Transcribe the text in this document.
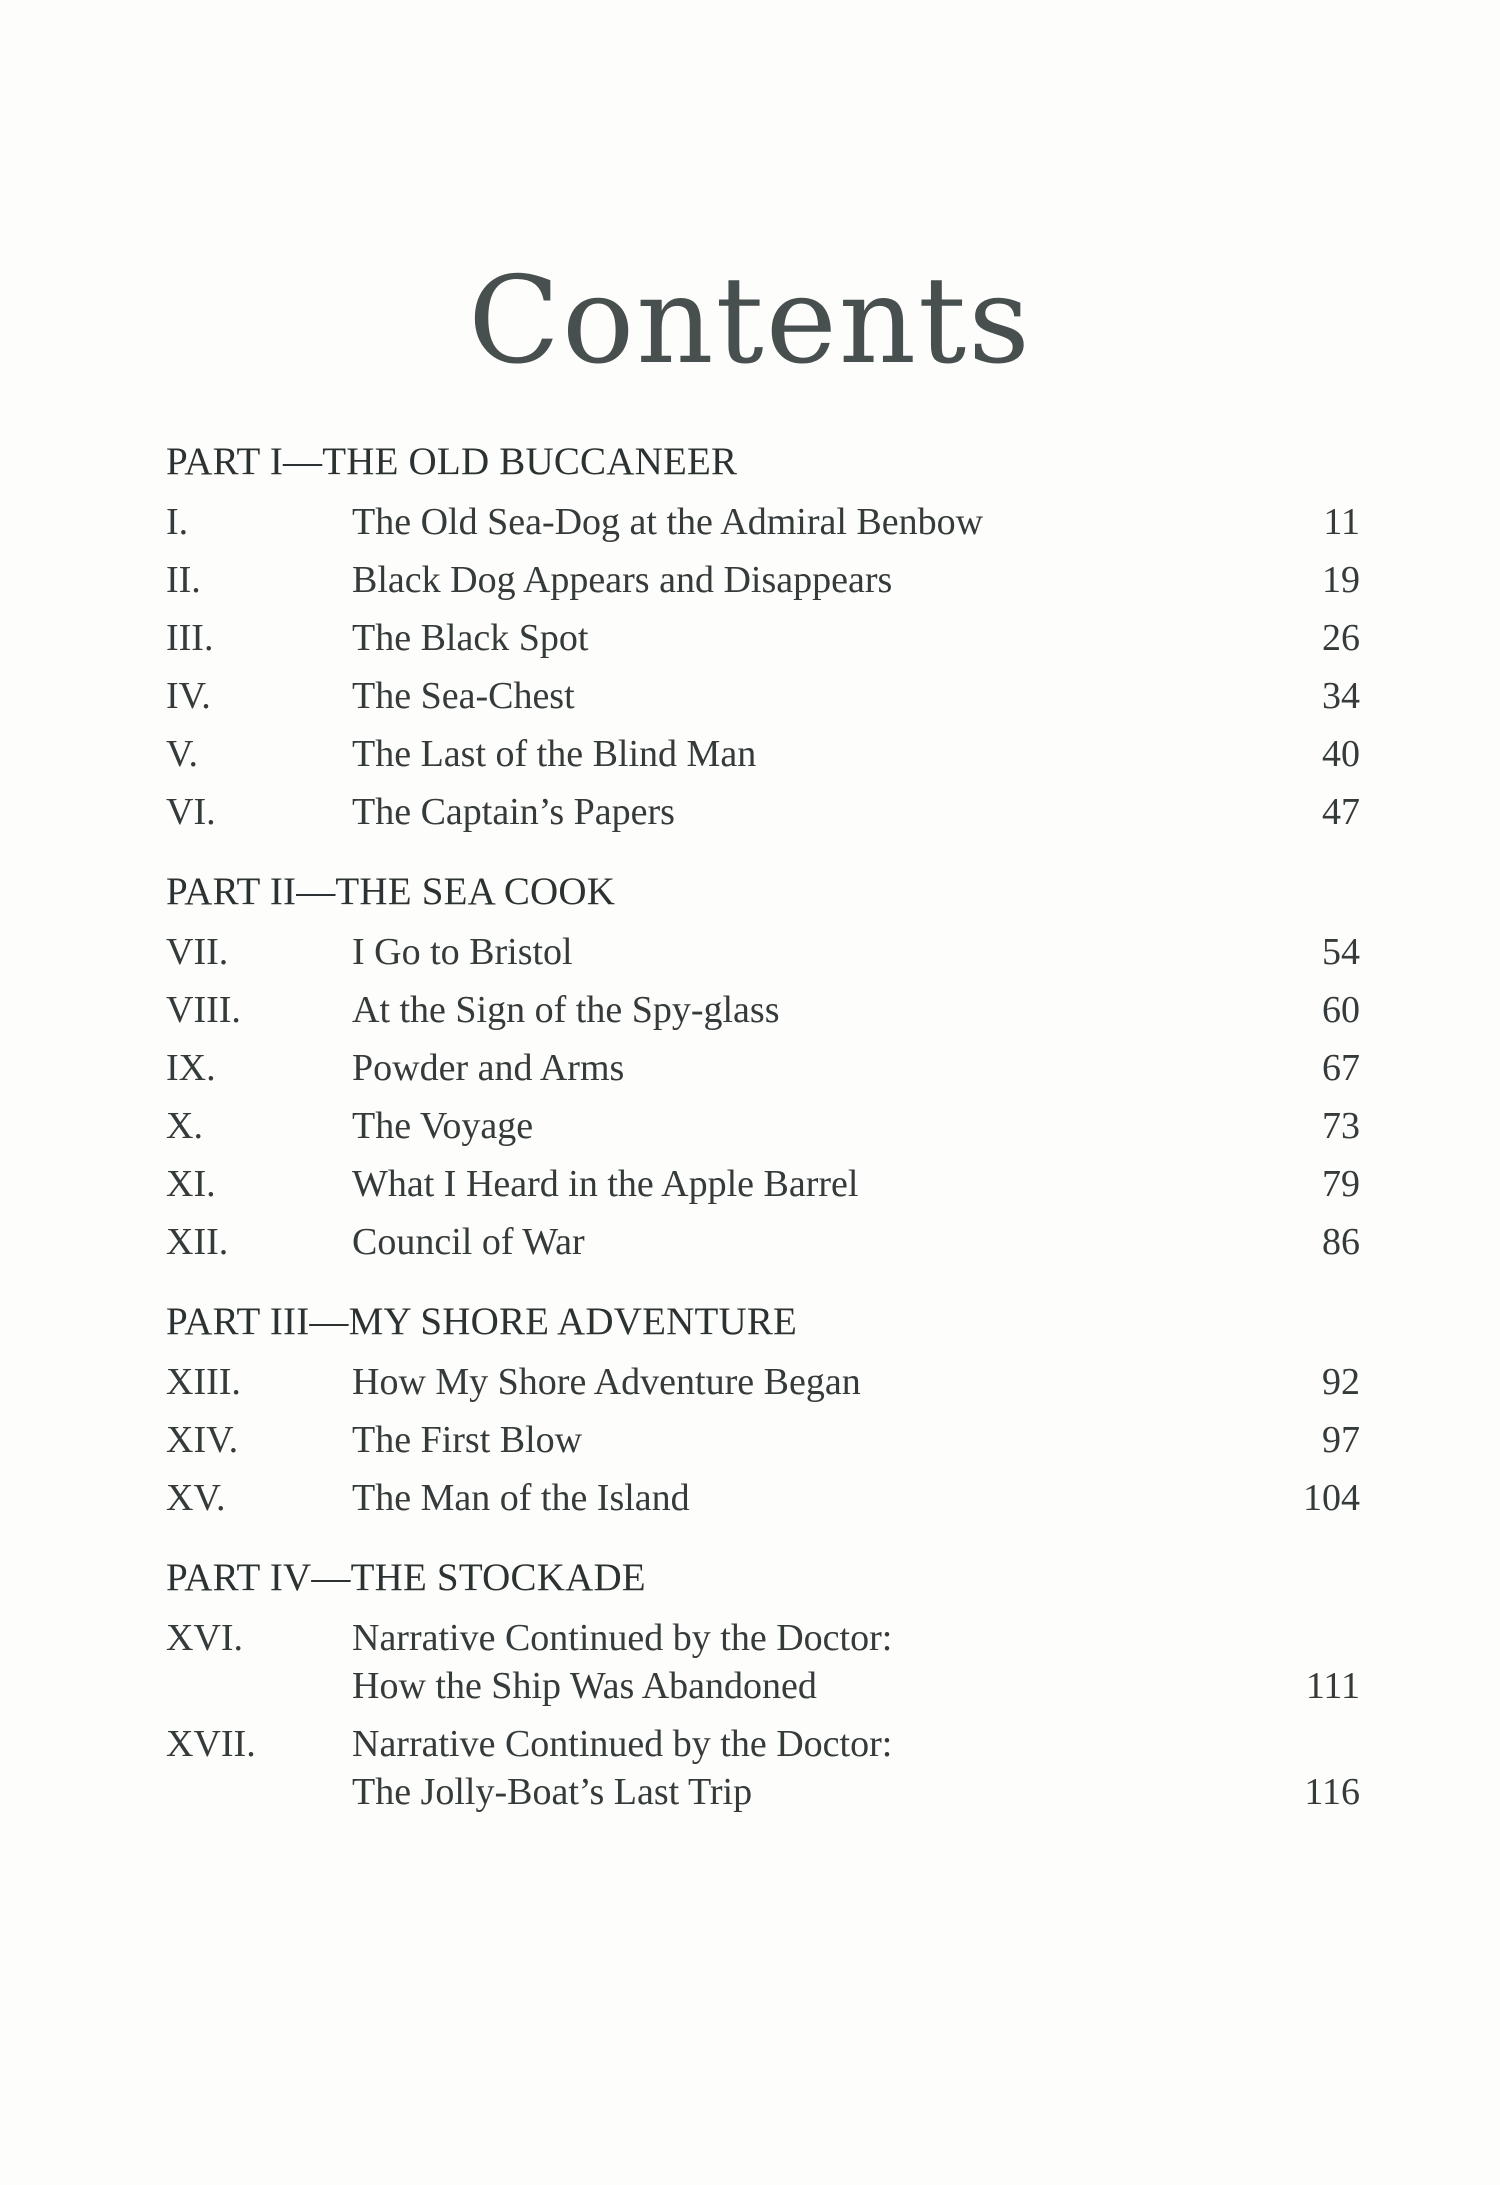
Contents
PART I—THE OLD BUCCANEER
I.	The Old Sea-Dog at the Admiral Benbow	11
II.	Black Dog Appears and Disappears	19
III.	The Black Spot	26
IV.	The Sea-Chest	34
V.	The Last of the Blind Man	40
VI.	The Captain’s Papers	47
PART II—THE SEA COOK
VII.	I Go to Bristol	54
VIII.	At the Sign of the Spy-glass	60
IX.	Powder and Arms	67
X.	The Voyage	73
XI.	What I Heard in the Apple Barrel	79
XII.	Council of War	86
PART III—MY SHORE ADVENTURE
XIII.	How My Shore Adventure Began	92
XIV.	The First Blow	97
XV.	The Man of the Island	104
PART IV—THE STOCKADE
XVI.	Narrative Continued by the Doctor:
How the Ship Was Abandoned	111
XVII.	Narrative Continued by the Doctor:
The Jolly-Boat’s Last Trip	116
